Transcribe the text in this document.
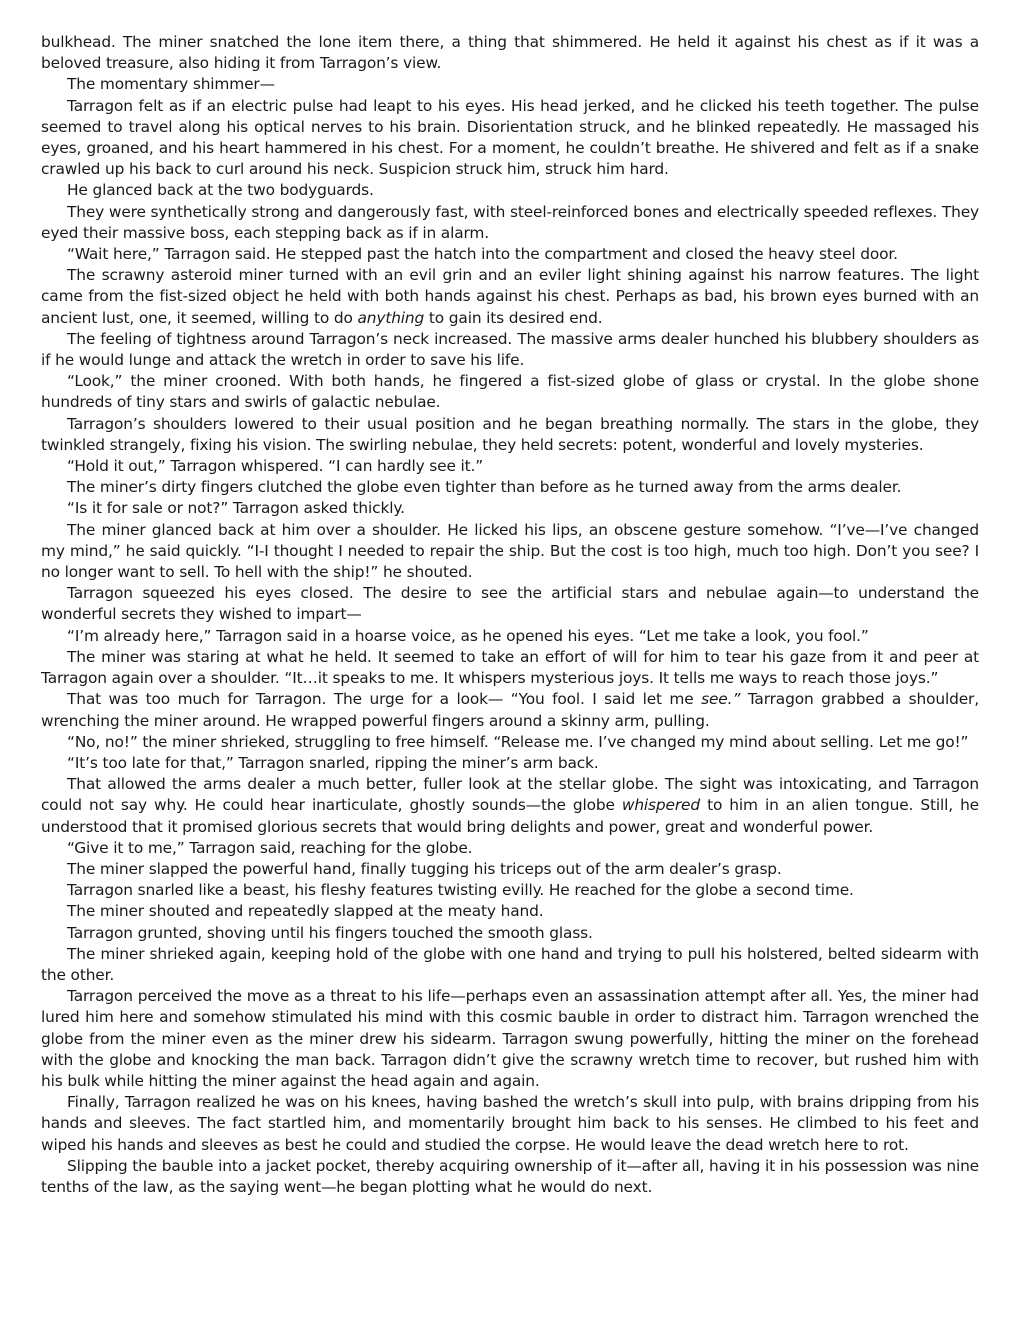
bulkhead. The miner snatched the lone item there, a thing that shimmered. He held it against his chest as if it was a beloved treasure, also hiding it from Tarragon’s view.

The momentary shimmer—

Tarragon felt as if an electric pulse had leapt to his eyes. His head jerked, and he clicked his teeth together. The pulse seemed to travel along his optical nerves to his brain. Disorientation struck, and he blinked repeatedly. He massaged his eyes, groaned, and his heart hammered in his chest. For a moment, he couldn’t breathe. He shivered and felt as if a snake crawled up his back to curl around his neck. Suspicion struck him, struck him hard.

He glanced back at the two bodyguards.

They were synthetically strong and dangerously fast, with steel-reinforced bones and electrically speeded reflexes. They eyed their massive boss, each stepping back as if in alarm.

“Wait here,” Tarragon said. He stepped past the hatch into the compartment and closed the heavy steel door.

The scrawny asteroid miner turned with an evil grin and an eviler light shining against his narrow features. The light came from the fist-sized object he held with both hands against his chest. Perhaps as bad, his brown eyes burned with an ancient lust, one, it seemed, willing to do anything to gain its desired end.

The feeling of tightness around Tarragon’s neck increased. The massive arms dealer hunched his blubbery shoulders as if he would lunge and attack the wretch in order to save his life.

“Look,” the miner crooned. With both hands, he fingered a fist-sized globe of glass or crystal. In the globe shone hundreds of tiny stars and swirls of galactic nebulae.

Tarragon’s shoulders lowered to their usual position and he began breathing normally. The stars in the globe, they twinkled strangely, fixing his vision. The swirling nebulae, they held secrets: potent, wonderful and lovely mysteries.

“Hold it out,” Tarragon whispered. “I can hardly see it.”

The miner’s dirty fingers clutched the globe even tighter than before as he turned away from the arms dealer.

“Is it for sale or not?” Tarragon asked thickly.

The miner glanced back at him over a shoulder. He licked his lips, an obscene gesture somehow. “I’ve—I’ve changed my mind,” he said quickly. “I-I thought I needed to repair the ship. But the cost is too high, much too high. Don’t you see? I no longer want to sell. To hell with the ship!” he shouted.

Tarragon squeezed his eyes closed. The desire to see the artificial stars and nebulae again—to understand the wonderful secrets they wished to impart—

“I’m already here,” Tarragon said in a hoarse voice, as he opened his eyes. “Let me take a look, you fool.”

The miner was staring at what he held. It seemed to take an effort of will for him to tear his gaze from it and peer at Tarragon again over a shoulder. “It…it speaks to me. It whispers mysterious joys. It tells me ways to reach those joys.”

That was too much for Tarragon. The urge for a look— “You fool. I said let me see.” Tarragon grabbed a shoulder, wrenching the miner around. He wrapped powerful fingers around a skinny arm, pulling.

“No, no!” the miner shrieked, struggling to free himself. “Release me. I’ve changed my mind about selling. Let me go!”

“It’s too late for that,” Tarragon snarled, ripping the miner’s arm back.

That allowed the arms dealer a much better, fuller look at the stellar globe. The sight was intoxicating, and Tarragon could not say why. He could hear inarticulate, ghostly sounds—the globe whispered to him in an alien tongue. Still, he understood that it promised glorious secrets that would bring delights and power, great and wonderful power.

“Give it to me,” Tarragon said, reaching for the globe.

The miner slapped the powerful hand, finally tugging his triceps out of the arm dealer’s grasp.

Tarragon snarled like a beast, his fleshy features twisting evilly. He reached for the globe a second time.

The miner shouted and repeatedly slapped at the meaty hand.

Tarragon grunted, shoving until his fingers touched the smooth glass.

The miner shrieked again, keeping hold of the globe with one hand and trying to pull his holstered, belted sidearm with the other.

Tarragon perceived the move as a threat to his life—perhaps even an assassination attempt after all. Yes, the miner had lured him here and somehow stimulated his mind with this cosmic bauble in order to distract him. Tarragon wrenched the globe from the miner even as the miner drew his sidearm. Tarragon swung powerfully, hitting the miner on the forehead with the globe and knocking the man back. Tarragon didn’t give the scrawny wretch time to recover, but rushed him with his bulk while hitting the miner against the head again and again.

Finally, Tarragon realized he was on his knees, having bashed the wretch’s skull into pulp, with brains dripping from his hands and sleeves. The fact startled him, and momentarily brought him back to his senses. He climbed to his feet and wiped his hands and sleeves as best he could and studied the corpse. He would leave the dead wretch here to rot.

Slipping the bauble into a jacket pocket, thereby acquiring ownership of it—after all, having it in his possession was nine tenths of the law, as the saying went—he began plotting what he would do next.
